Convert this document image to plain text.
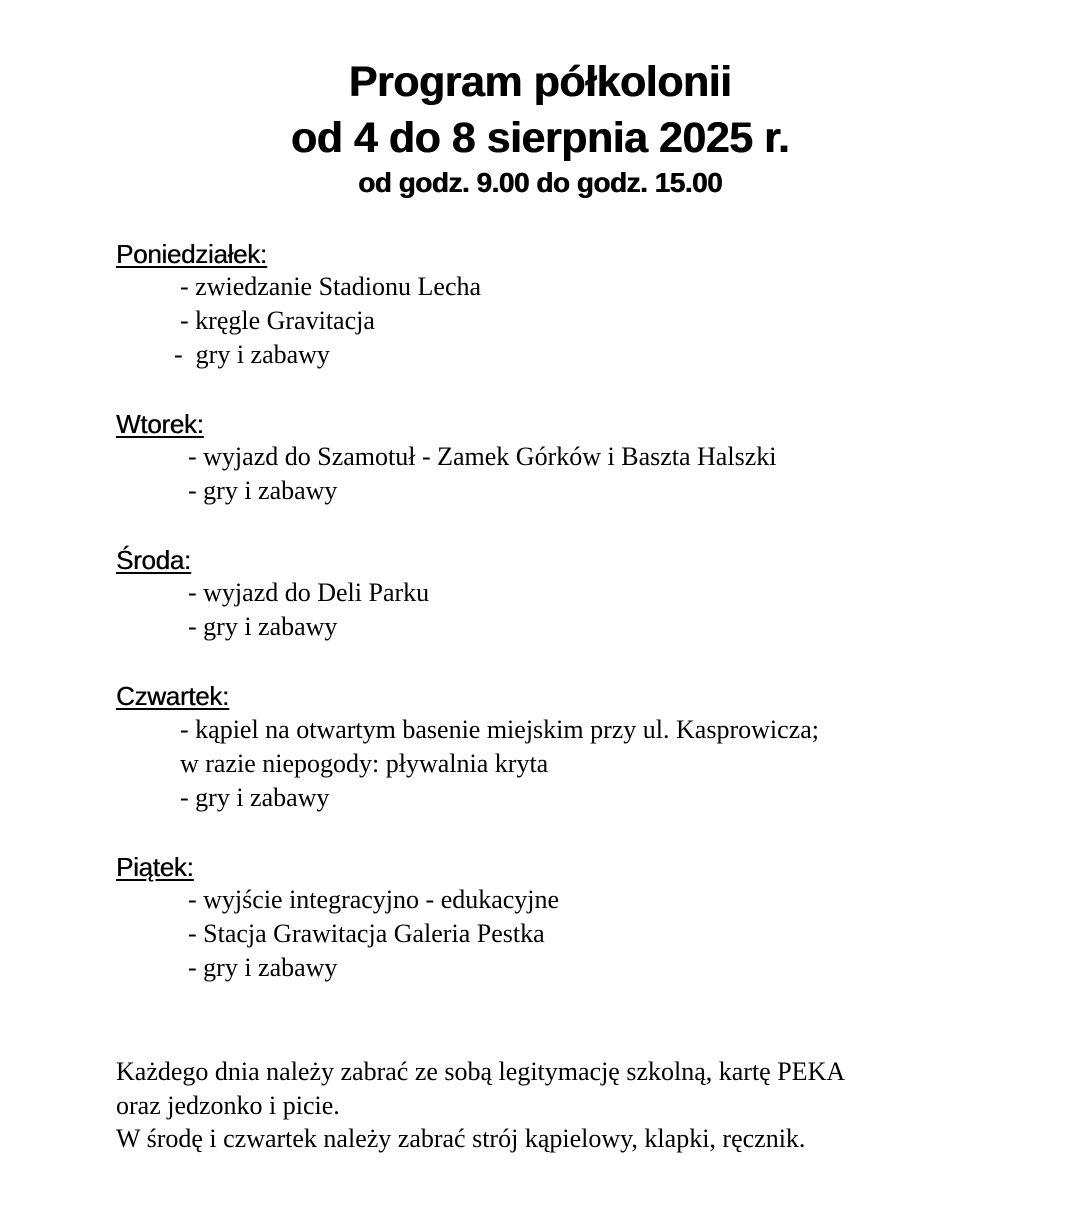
Program półkolonii
od 4 do 8 sierpnia 2025 r.
od godz. 9.00 do godz. 15.00

Poniedziałek:

- zwiedzanie Stadionu Lecha

- kręgle Gravitacja

-  gry i zabawy

Wtorek:

- wyjazd do Szamotuł - Zamek Górków i Baszta Halszki

- gry i zabawy

Środa:

- wyjazd do Deli Parku

- gry i zabawy

Czwartek:

- kąpiel na otwartym basenie miejskim przy ul. Kasprowicza;

w razie niepogody: pływalnia kryta

- gry i zabawy

Piątek:

- wyjście integracyjno - edukacyjne

- Stacja Grawitacja Galeria Pestka

- gry i zabawy

Każdego dnia należy zabrać ze sobą legitymację szkolną, kartę PEKA

oraz jedzonko i picie.

W środę i czwartek należy zabrać strój kąpielowy, klapki, ręcznik.
